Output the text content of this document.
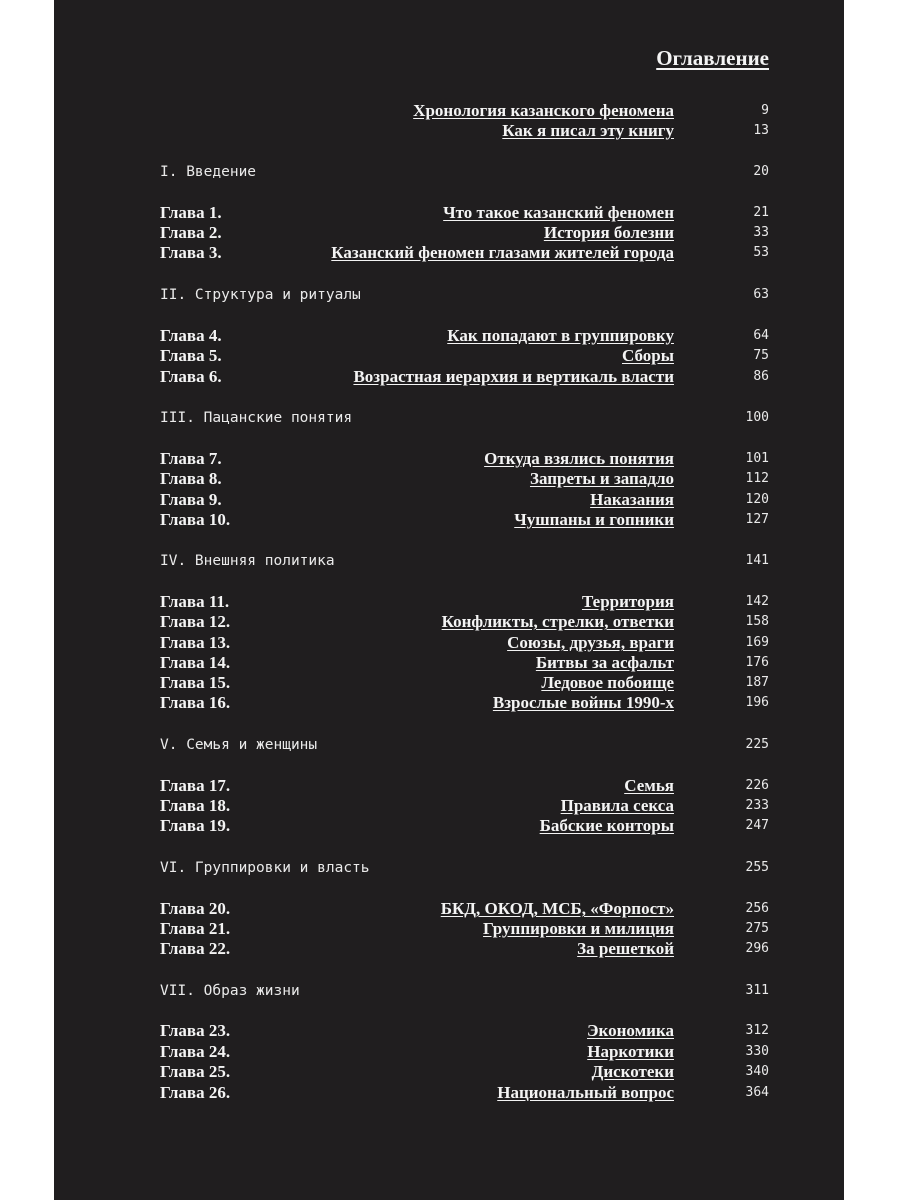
Оглавление
Хронология казанского феномена	9
Как я писал эту книгу	13
I. Введение	20
Глава 1.	Что такое казанский феномен	21
Глава 2.	История болезни	33
Глава 3.	Казанский феномен глазами жителей города	53
II. Структура и ритуалы	63
Глава 4.	Как попадают в группировку	64
Глава 5.	Сборы	75
Глава 6.	Возрастная иерархия и вертикаль власти	86
III. Пацанские понятия	100
Глава 7.	Откуда взялись понятия	101
Глава 8.	Запреты и западло	112
Глава 9.	Наказания	120
Глава 10.	Чушпаны и гопники	127
IV. Внешняя политика	141
Глава 11.	Территория	142
Глава 12.	Конфликты, стрелки, ответки	158
Глава 13.	Союзы, друзья, враги	169
Глава 14.	Битвы за асфальт	176
Глава 15.	Ледовое побоище	187
Глава 16.	Взрослые войны 1990-х	196
V. Семья и женщины	225
Глава 17.	Семья	226
Глава 18.	Правила секса	233
Глава 19.	Бабские конторы	247
VI. Группировки и власть	255
Глава 20.	БКД, ОКОД, МСБ, «Форпост»	256
Глава 21.	Группировки и милиция	275
Глава 22.	За решеткой	296
VII. Образ жизни	311
Глава 23.	Экономика	312
Глава 24.	Наркотики	330
Глава 25.	Дискотеки	340
Глава 26.	Национальный вопрос	364
